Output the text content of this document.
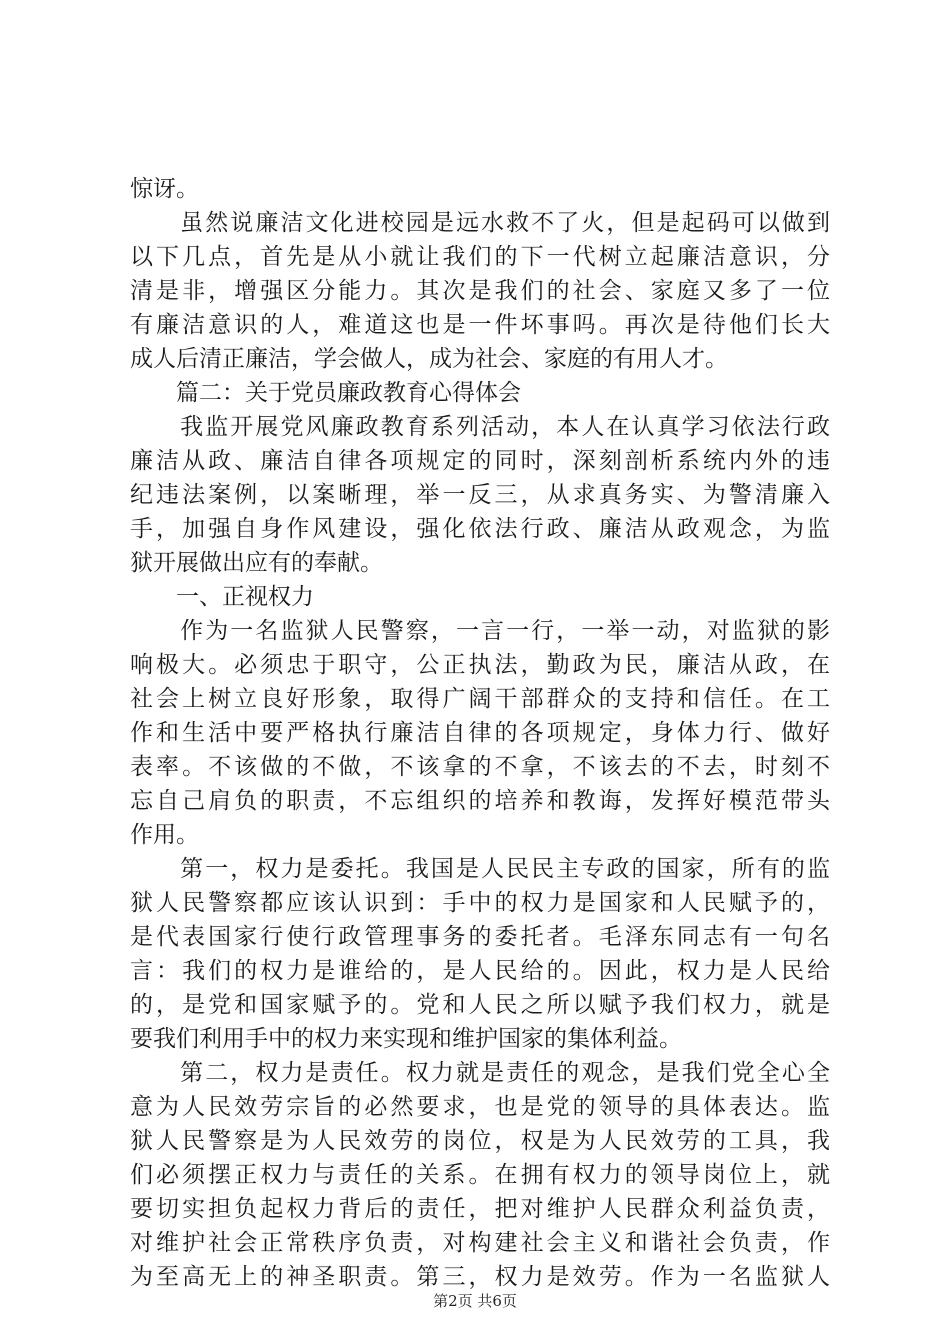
惊讶。
　　虽然说廉洁文化进校园是远水救不了火，但是起码可以做到
以下几点，首先是从小就让我们的下一代树立起廉洁意识，分
清是非，增强区分能力。其次是我们的社会、家庭又多了一位
有廉洁意识的人，难道这也是一件坏事吗。再次是待他们长大
成人后清正廉洁，学会做人，成为社会、家庭的有用人才。
　　篇二：关于党员廉政教育心得体会
　　我监开展党风廉政教育系列活动，本人在认真学习依法行政
廉洁从政、廉洁自律各项规定的同时，深刻剖析系统内外的违
纪违法案例，以案晰理，举一反三，从求真务实、为警清廉入
手，加强自身作风建设，强化依法行政、廉洁从政观念，为监
狱开展做出应有的奉献。
　　一、正视权力
　　作为一名监狱人民警察，一言一行，一举一动，对监狱的影
响极大。必须忠于职守，公正执法，勤政为民，廉洁从政，在
社会上树立良好形象，取得广阔干部群众的支持和信任。在工
作和生活中要严格执行廉洁自律的各项规定，身体力行、做好
表率。不该做的不做，不该拿的不拿，不该去的不去，时刻不
忘自己肩负的职责，不忘组织的培养和教诲，发挥好模范带头
作用。
　　第一，权力是委托。我国是人民民主专政的国家，所有的监
狱人民警察都应该认识到：手中的权力是国家和人民赋予的，
是代表国家行使行政管理事务的委托者。毛泽东同志有一句名
言：我们的权力是谁给的，是人民给的。因此，权力是人民给
的，是党和国家赋予的。党和人民之所以赋予我们权力，就是
要我们利用手中的权力来实现和维护国家的集体利益。
　　第二，权力是责任。权力就是责任的观念，是我们党全心全
意为人民效劳宗旨的必然要求，也是党的领导的具体表达。监
狱人民警察是为人民效劳的岗位，权是为人民效劳的工具，我
们必须摆正权力与责任的关系。在拥有权力的领导岗位上，就
要切实担负起权力背后的责任，把对维护人民群众利益负责，
对维护社会正常秩序负责，对构建社会主义和谐社会负责，作
为至高无上的神圣职责。第三，权力是效劳。作为一名监狱人
第2页 共6页
